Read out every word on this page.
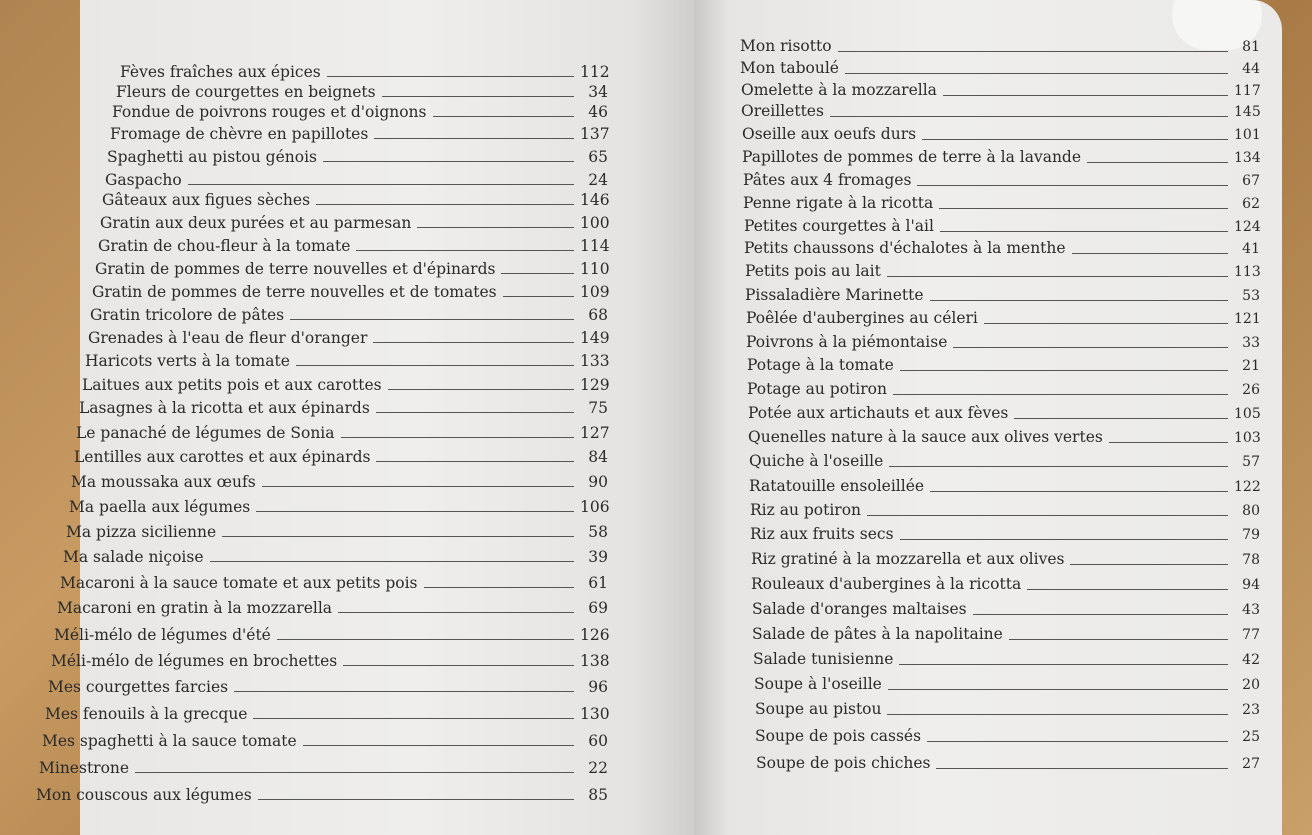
Fèves fraîches aux épices	112
Fleurs de courgettes en beignets	34
Fondue de poivrons rouges et d'oignons	46
Fromage de chèvre en papillotes	137
Spaghetti au pistou génois	65
Gaspacho	24
Gâteaux aux figues sèches	146
Gratin aux deux purées et au parmesan	100
Gratin de chou-fleur à la tomate	114
Gratin de pommes de terre nouvelles et d'épinards	110
Gratin de pommes de terre nouvelles et de tomates	109
Gratin tricolore de pâtes	68
Grenades à l'eau de fleur d'oranger	149
Haricots verts à la tomate	133
Laitues aux petits pois et aux carottes	129
Lasagnes à la ricotta et aux épinards	75
Le panaché de légumes de Sonia	127
Lentilles aux carottes et aux épinards	84
Ma moussaka aux œufs	90
Ma paella aux légumes	106
Ma pizza sicilienne	58
Ma salade niçoise	39
Macaroni à la sauce tomate et aux petits pois	61
Macaroni en gratin à la mozzarella	69
Méli-mélo de légumes d'été	126
Méli-mélo de légumes en brochettes	138
Mes courgettes farcies	96
Mes fenouils à la grecque	130
Mes spaghetti à la sauce tomate	60
Minestrone	22
Mon couscous aux légumes	85
Mon risotto	81
Mon taboulé	44
Omelette à la mozzarella	117
Oreillettes	145
Oseille aux oeufs durs	101
Papillotes de pommes de terre à la lavande	134
Pâtes aux 4 fromages	67
Penne rigate à la ricotta	62
Petites courgettes à l'ail	124
Petits chaussons d'échalotes à la menthe	41
Petits pois au lait	113
Pissaladière Marinette	53
Poêlée d'aubergines au céleri	121
Poivrons à la piémontaise	33
Potage à la tomate	21
Potage au potiron	26
Potée aux artichauts et aux fèves	105
Quenelles nature à la sauce aux olives vertes	103
Quiche à l'oseille	57
Ratatouille ensoleillée	122
Riz au potiron	80
Riz aux fruits secs	79
Riz gratiné à la mozzarella et aux olives	78
Rouleaux d'aubergines à la ricotta	94
Salade d'oranges maltaises	43
Salade de pâtes à la napolitaine	77
Salade tunisienne	42
Soupe à l'oseille	20
Soupe au pistou	23
Soupe de pois cassés	25
Soupe de pois chiches	27
